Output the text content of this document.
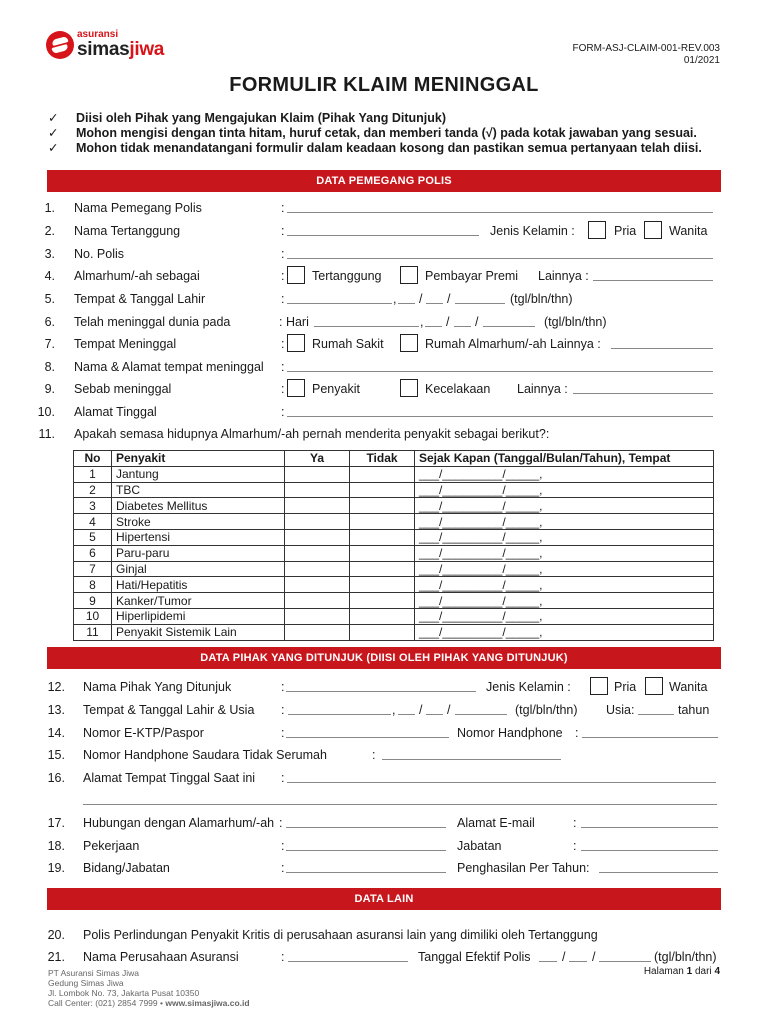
asuransi
simasjiwa	FORM-ASJ-CLAIM-001-REV.003
01/2021
FORMULIR KLAIM MENINGGAL
✓	Diisi oleh Pihak yang Mengajukan Klaim (Pihak Yang Ditunjuk)
✓	Mohon mengisi dengan tinta hitam, huruf cetak, dan memberi tanda (√) pada kotak jawaban yang sesuai.
✓	Mohon tidak menandatangani formulir dalam keadaan kosong dan pastikan semua pertanyaan telah diisi.
DATA PEMEGANG POLIS
1. Nama Pemegang Polis	:
2. Nama Tertanggung	:	Jenis Kelamin :	Pria	Wanita
3. No. Polis	:
4. Almarhum/-ah sebagai	: Tertanggung	Pembayar Premi Lainnya :
5. Tempat & Tanggal Lahir	:	, / /	(tgl/bln/thn)
6. Telah meninggal dunia pada	: Hari	, / /	(tgl/bln/thn)
7. Tempat Meninggal	: Rumah Sakit	Rumah Almarhum/-ah Lainnya :
8. Nama & Alamat tempat meninggal :
9. Sebab meninggal	: Penyakit	Kecelakaan Lainnya :
10. Alamat Tinggal	:
11. Apakah semasa hidupnya Almarhum/-ah pernah menderita penyakit sebagai berikut?:
No	Penyakit	Ya	Tidak	Sejak Kapan (Tanggal/Bulan/Tahun), Tempat
1	Jantung			___/_________/_____,
2	TBC			___/_________/_____,
3	Diabetes Mellitus			___/_________/_____,
4	Stroke			___/_________/_____,
5	Hipertensi			___/_________/_____,
6	Paru-paru			___/_________/_____,
7	Ginjal			___/_________/_____,
8	Hati/Hepatitis			___/_________/_____,
9	Kanker/Tumor			___/_________/_____,
10	Hiperlipidemi			___/_________/_____,
11	Penyakit Sistemik Lain			___/_________/_____,
DATA PIHAK YANG DITUNJUK (DIISI OLEH PIHAK YANG DITUNJUK)
12. Nama Pihak Yang Ditunjuk	:	Jenis Kelamin :	Pria	Wanita
13. Tempat & Tanggal Lahir & Usia :	, / /	(tgl/bln/thn) Usia:	tahun
14. Nomor E-KTP/Paspor	:	Nomor Handphone :
15. Nomor Handphone Saudara Tidak Serumah	:
16. Alamat Tempat Tinggal Saat ini :
17. Hubungan dengan Alamarhum/-ah :	Alamat E-mail	:
18. Pekerjaan	:	Jabatan	:
19. Bidang/Jabatan	:	Penghasilan Per Tahun:
DATA LAIN
20. Polis Perlindungan Penyakit Kritis di perusahaan asuransi lain yang dimiliki oleh Tertanggung
21. Nama Perusahaan Asuransi	:	Tanggal Efektif Polis	/ /	(tgl/bln/thn)
PT Asuransi Simas Jiwa
Gedung Simas Jiwa
Jl. Lombok No. 73, Jakarta Pusat 10350
Call Center: (021) 2854 7999 • www.simasjiwa.co.id
Halaman 1 dari 4
